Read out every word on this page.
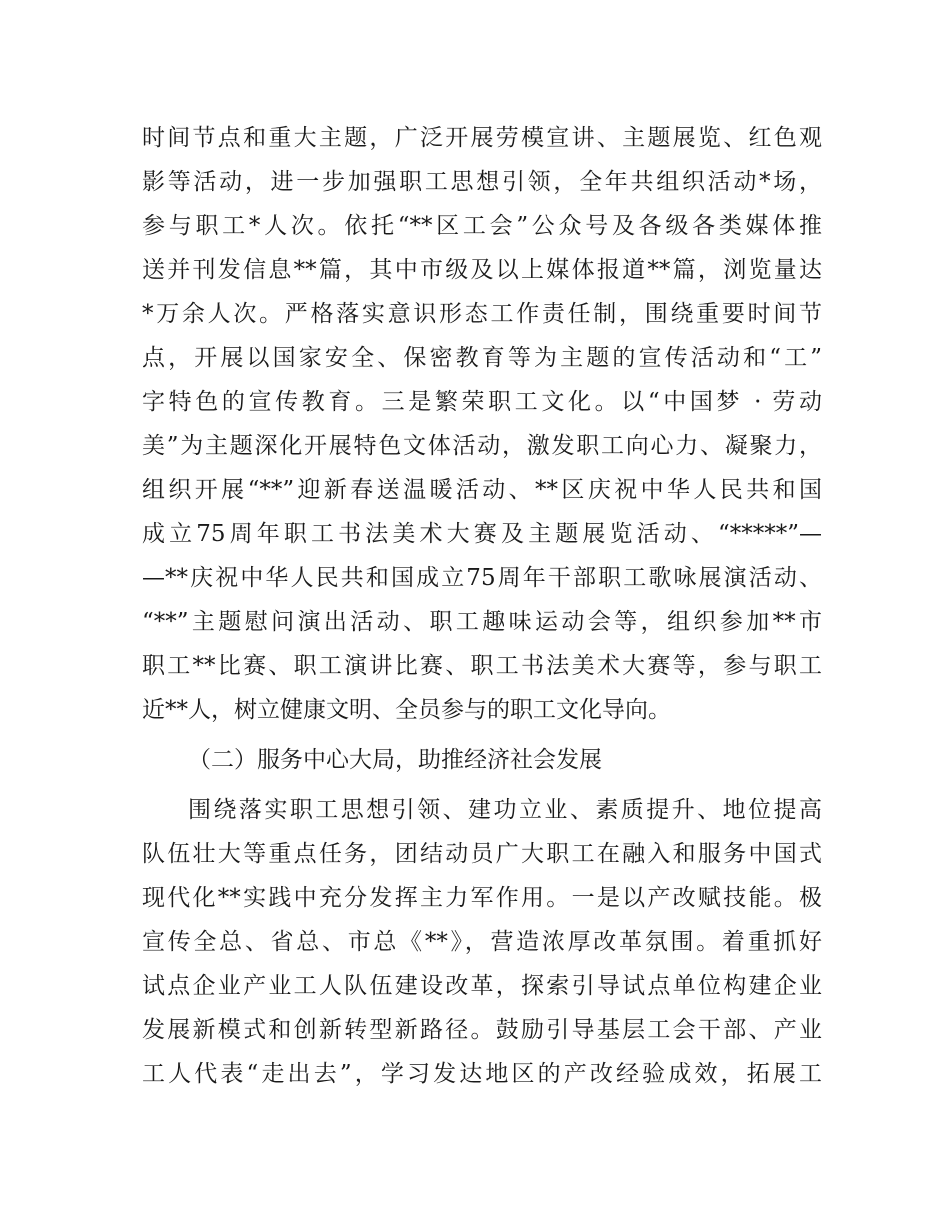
时间节点和重大主题，广泛开展劳模宣讲、主题展览、红色观
影等活动，进一步加强职工思想引领，全年共组织活动*场，
参与职工*人次。依托“**区工会”公众号及各级各类媒体推
送并刊发信息**篇，其中市级及以上媒体报道**篇，浏览量达
*万余人次。严格落实意识形态工作责任制，围绕重要时间节
点，开展以国家安全、保密教育等为主题的宣传活动和“工”
字特色的宣传教育。三是繁荣职工文化。以“中国梦 · 劳动
美”为主题深化开展特色文体活动，激发职工向心力、凝聚力，
组织开展“**”迎新春送温暖活动、**区庆祝中华人民共和国
成立75周年职工书法美术大赛及主题展览活动、“*****”—
—**庆祝中华人民共和国成立75周年干部职工歌咏展演活动、
“**”主题慰问演出活动、职工趣味运动会等，组织参加**市
职工**比赛、职工演讲比赛、职工书法美术大赛等，参与职工
近**人，树立健康文明、全员参与的职工文化导向。
（二）服务中心大局，助推经济社会发展
围绕落实职工思想引领、建功立业、素质提升、地位提高
队伍壮大等重点任务，团结动员广大职工在融入和服务中国式
现代化**实践中充分发挥主力军作用。一是以产改赋技能。极
宣传全总、省总、市总《**》，营造浓厚改革氛围。着重抓好
试点企业产业工人队伍建设改革，探索引导试点单位构建企业
发展新模式和创新转型新路径。鼓励引导基层工会干部、产业
工人代表“走出去”，学习发达地区的产改经验成效，拓展工
